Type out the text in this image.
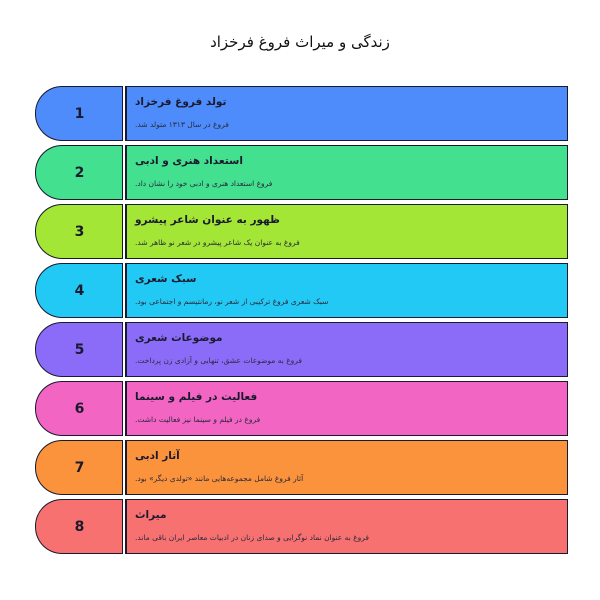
زندگی و میراث فروغ فرخزاد
1
تولد فروغ فرخزاد
فروغ در سال ۱۳۱۳ متولد شد.
2
استعداد هنری و ادبی
فروغ استعداد هنری و ادبی خود را نشان داد.
3
ظهور به عنوان شاعر پیشرو
فروغ به عنوان یک شاعر پیشرو در شعر نو ظاهر شد.
4
سبک شعری
سبک شعری فروغ ترکیبی از شعر نو، رمانتیسم و اجتماعی بود.
5
موضوعات شعری
فروغ به موضوعات عشق، تنهایی و آزادی زن پرداخت.
6
فعالیت در فیلم و سینما
فروغ در فیلم و سینما نیز فعالیت داشت.
7
آثار ادبی
آثار فروغ شامل مجموعه‌هایی مانند «تولدی دیگر» بود.
8
میراث
فروغ به عنوان نماد نوگرایی و صدای زنان در ادبیات معاصر ایران باقی ماند.
